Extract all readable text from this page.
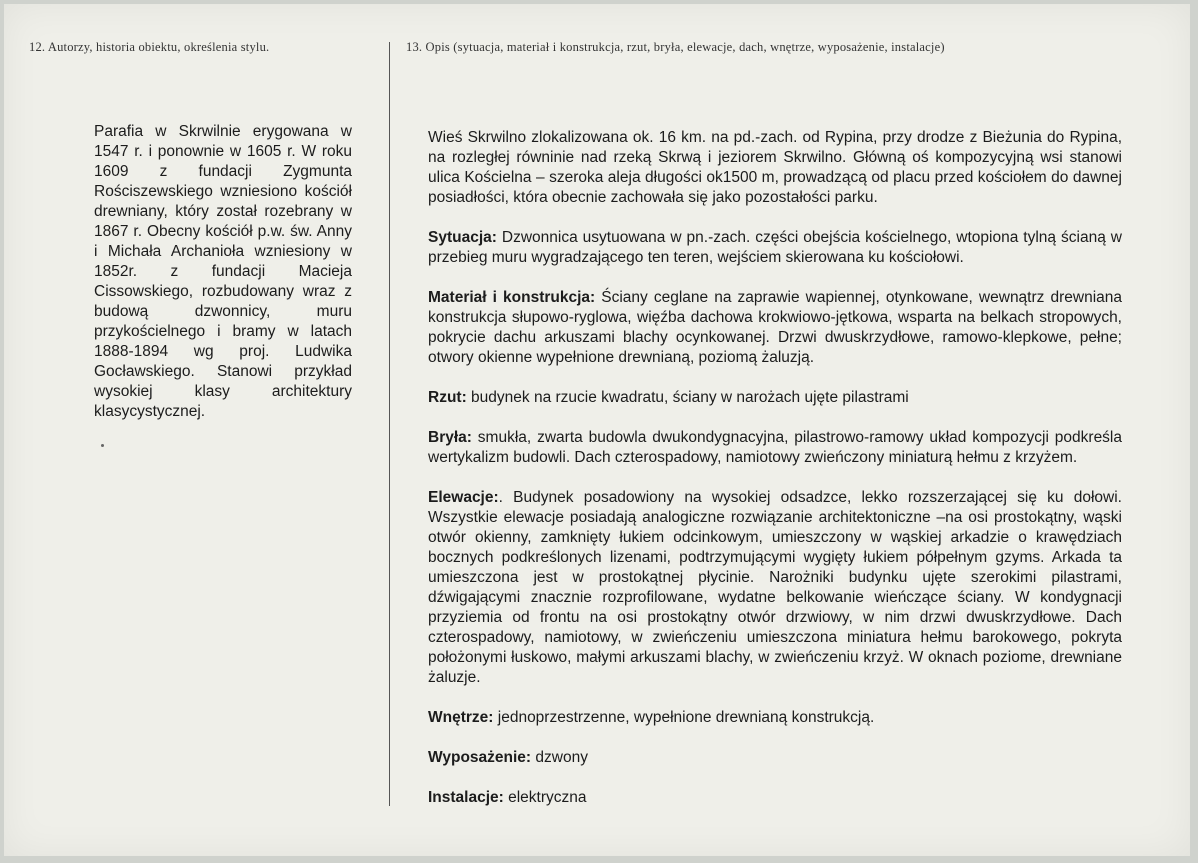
12. Autorzy, historia obiektu, określenia stylu.	13. Opis (sytuacja, materiał i konstrukcja, rzut, bryła, elewacje, dach, wnętrze, wyposażenie, instalacje)
Parafia w Skrwilnie erygowana w 1547 r. i ponownie w 1605 r. W roku 1609 z fundacji Zygmunta Rościszewskiego wzniesiono kościół drewniany, który został rozebrany w 1867 r. Obecny kościół p.w. św. Anny i Michała Archanioła wzniesiony w 1852r. z fundacji Macieja Cissowskiego, rozbudowany wraz z budową dzwonnicy, muru przykościelnego i bramy w latach 1888-1894 wg proj. Ludwika Gocławskiego. Stanowi przykład wysokiej klasy architektury klasycystycznej.

Wieś Skrwilno zlokalizowana ok. 16 km. na pd.-zach. od Rypina, przy drodze z Bieżunia do Rypina, na rozległej równinie nad rzeką Skrwą i jeziorem Skrwilno. Główną oś kompozycyjną wsi stanowi ulica Kościelna – szeroka aleja długości ok1500 m, prowadzącą od placu przed kościołem do dawnej posiadłości, która obecnie zachowała się jako pozostałości parku.

Sytuacja: Dzwonnica usytuowana w pn.-zach. części obejścia kościelnego, wtopiona tylną ścianą w przebieg muru wygradzającego ten teren, wejściem skierowana ku kościołowi.

Materiał i konstrukcja: Ściany ceglane na zaprawie wapiennej, otynkowane, wewnątrz drewniana konstrukcja słupowo-ryglowa, więźba dachowa krokwiowo-jętkowa, wsparta na belkach stropowych, pokrycie dachu arkuszami blachy ocynkowanej. Drzwi dwuskrzydłowe, ramowo-klepkowe, pełne; otwory okienne wypełnione drewnianą, poziomą żaluzją.

Rzut: budynek na rzucie kwadratu, ściany w narożach ujęte pilastrami

Bryła: smukła, zwarta budowla dwukondygnacyjna, pilastrowo-ramowy układ kompozycji podkreśla wertykalizm budowli. Dach czterospadowy, namiotowy zwieńczony miniaturą hełmu z krzyżem.

Elewacje:. Budynek posadowiony na wysokiej odsadzce, lekko rozszerzającej się ku dołowi. Wszystkie elewacje posiadają analogiczne rozwiązanie architektoniczne –na osi prostokątny, wąski otwór okienny, zamknięty łukiem odcinkowym, umieszczony w wąskiej arkadzie o krawędziach bocznych podkreślonych lizenami, podtrzymującymi wygięty łukiem półpełnym gzyms. Arkada ta umieszczona jest w prostokątnej płycinie. Narożniki budynku ujęte szerokimi pilastrami, dźwigającymi znacznie rozprofilowane, wydatne belkowanie wieńczące ściany. W kondygnacji przyziemia od frontu na osi prostokątny otwór drzwiowy, w nim drzwi dwuskrzydłowe. Dach czterospadowy, namiotowy, w zwieńczeniu umieszczona miniatura hełmu barokowego, pokryta położonymi łuskowo, małymi arkuszami blachy, w zwieńczeniu krzyż. W oknach poziome, drewniane żaluzje.

Wnętrze: jednoprzestrzenne, wypełnione drewnianą konstrukcją.

Wyposażenie: dzwony

Instalacje: elektryczna
